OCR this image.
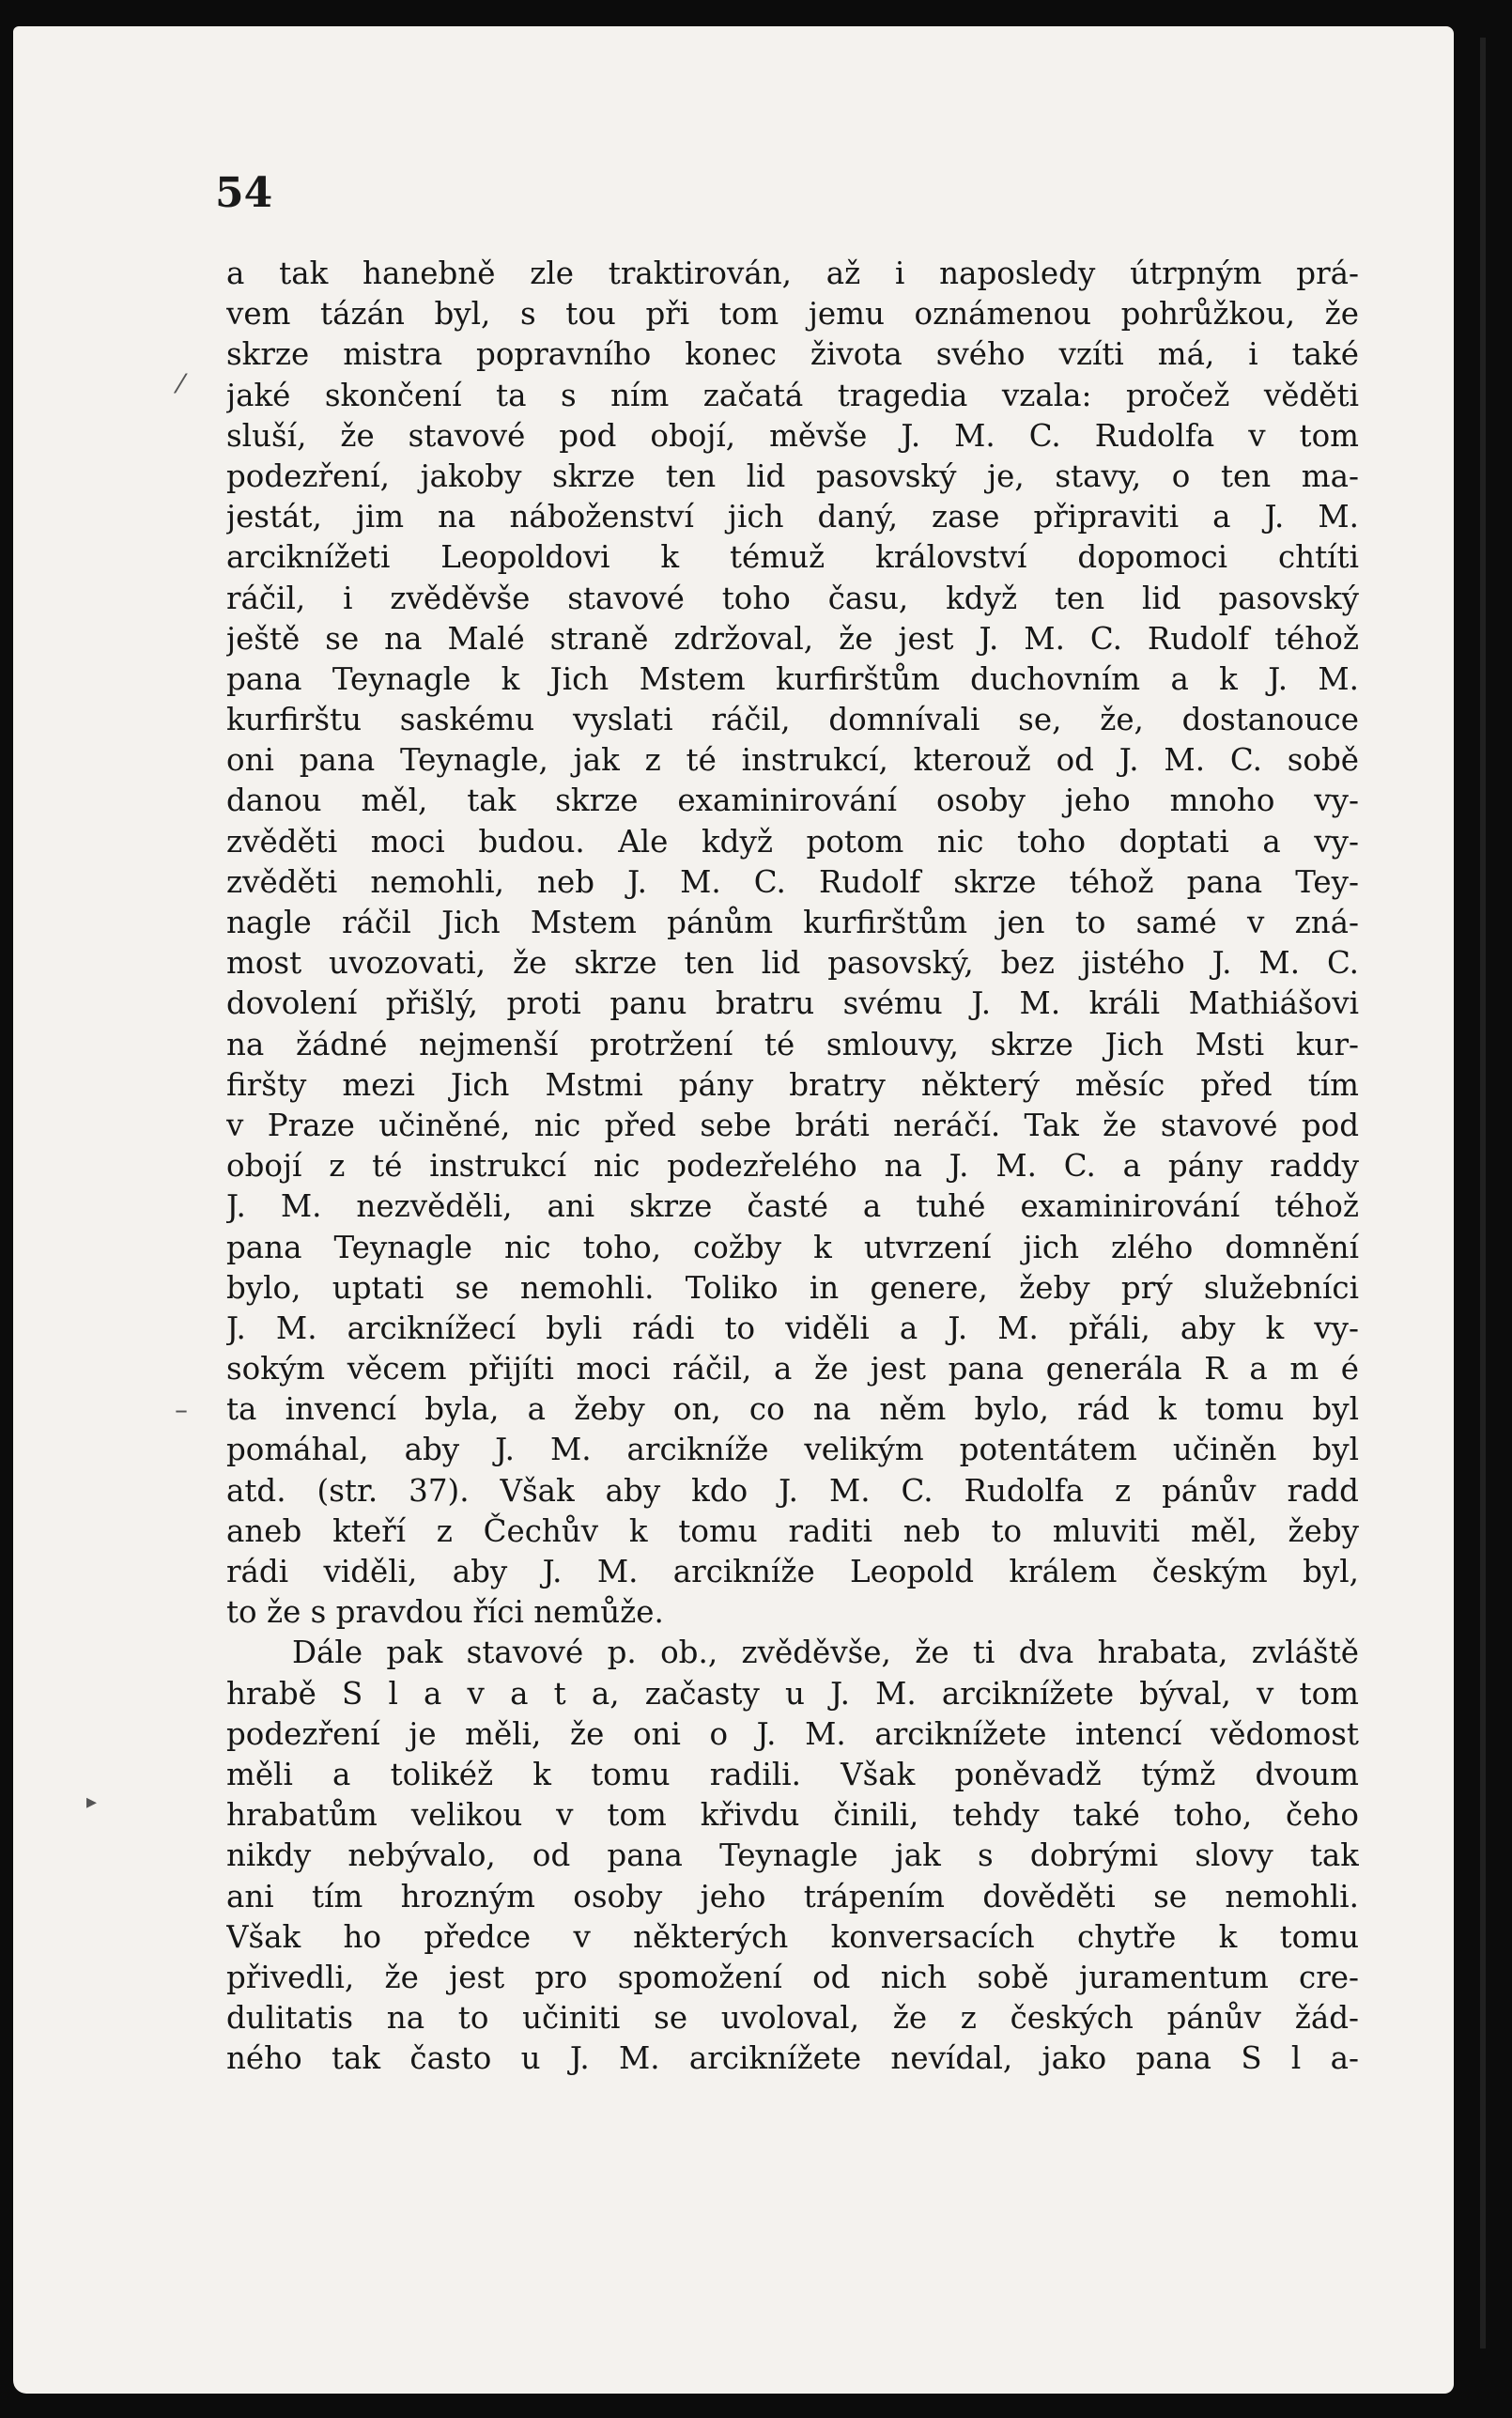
⁄
–
▸
54
a tak hanebně zle traktirován, až i naposledy útrpným prá-
vem tázán byl, s tou při tom jemu oznámenou pohrůžkou, že
skrze mistra popravního konec života svého vzíti má, i také
jaké skončení ta s ním začatá tragedia vzala: pročež věděti
sluší, že stavové pod obojí, měvše J. M. C. Rudolfa v tom
podezření, jakoby skrze ten lid pasovský je, stavy, o ten ma-
jestát, jim na náboženství jich daný, zase připraviti a J. M.
arciknížeti Leopoldovi k témuž království dopomoci chtíti
ráčil, i zvěděvše stavové toho času, když ten lid pasovský
ještě se na Malé straně zdržoval, že jest J. M. C. Rudolf téhož
pana Teynagle k Jich Mstem kurfirštům duchovním a k J. M.
kurfirštu saskému vyslati ráčil, domnívali se, že, dostanouce
oni pana Teynagle, jak z té instrukcí, kterouž od J. M. C. sobě
danou měl, tak skrze examinirování osoby jeho mnoho vy-
zvěděti moci budou. Ale když potom nic toho doptati a vy-
zvěděti nemohli, neb J. M. C. Rudolf skrze téhož pana Tey-
nagle ráčil Jich Mstem pánům kurfirštům jen to samé v zná-
most uvozovati, že skrze ten lid pasovský, bez jistého J. M. C.
dovolení přišlý, proti panu bratru svému J. M. králi Mathiášovi
na žádné nejmenší protržení té smlouvy, skrze Jich Msti kur-
firšty mezi Jich Mstmi pány bratry některý měsíc před tím
v Praze učiněné, nic před sebe bráti neráčí. Tak že stavové pod
obojí z té instrukcí nic podezřelého na J. M. C. a pány raddy
J. M. nezvěděli, ani skrze časté a tuhé examinirování téhož
pana Teynagle nic toho, cožby k utvrzení jich zlého domnění
bylo, uptati se nemohli. Toliko in genere, žeby prý služebníci
J. M. arciknížecí byli rádi to viděli a J. M. přáli, aby k vy-
sokým věcem přijíti moci ráčil, a že jest pana generála R a m é
ta invencí byla, a žeby on, co na něm bylo, rád k tomu byl
pomáhal, aby J. M. arcikníže velikým potentátem učiněn byl
atd. (str. 37). Však aby kdo J. M. C. Rudolfa z pánův radd
aneb kteří z Čechův k tomu raditi neb to mluviti měl, žeby
rádi viděli, aby J. M. arcikníže Leopold králem českým byl,
to že s pravdou říci nemůže.
Dále pak stavové p. ob., zvěděvše, že ti dva hrabata, zvláště
hrabě S l a v a t a, začasty u J. M. arciknížete býval, v tom
podezření je měli, že oni o J. M. arciknížete intencí vědomost
měli a tolikéž k tomu radili. Však poněvadž týmž dvoum
hrabatům velikou v tom křivdu činili, tehdy také toho, čeho
nikdy nebývalo, od pana Teynagle jak s dobrými slovy tak
ani tím hrozným osoby jeho trápením dověděti se nemohli.
Však ho předce v některých konversacích chytře k tomu
přivedli, že jest pro spomožení od nich sobě juramentum cre-
dulitatis na to učiniti se uvoloval, že z českých pánův žád-
ného tak často u J. M. arciknížete nevídal, jako pana S l a-
